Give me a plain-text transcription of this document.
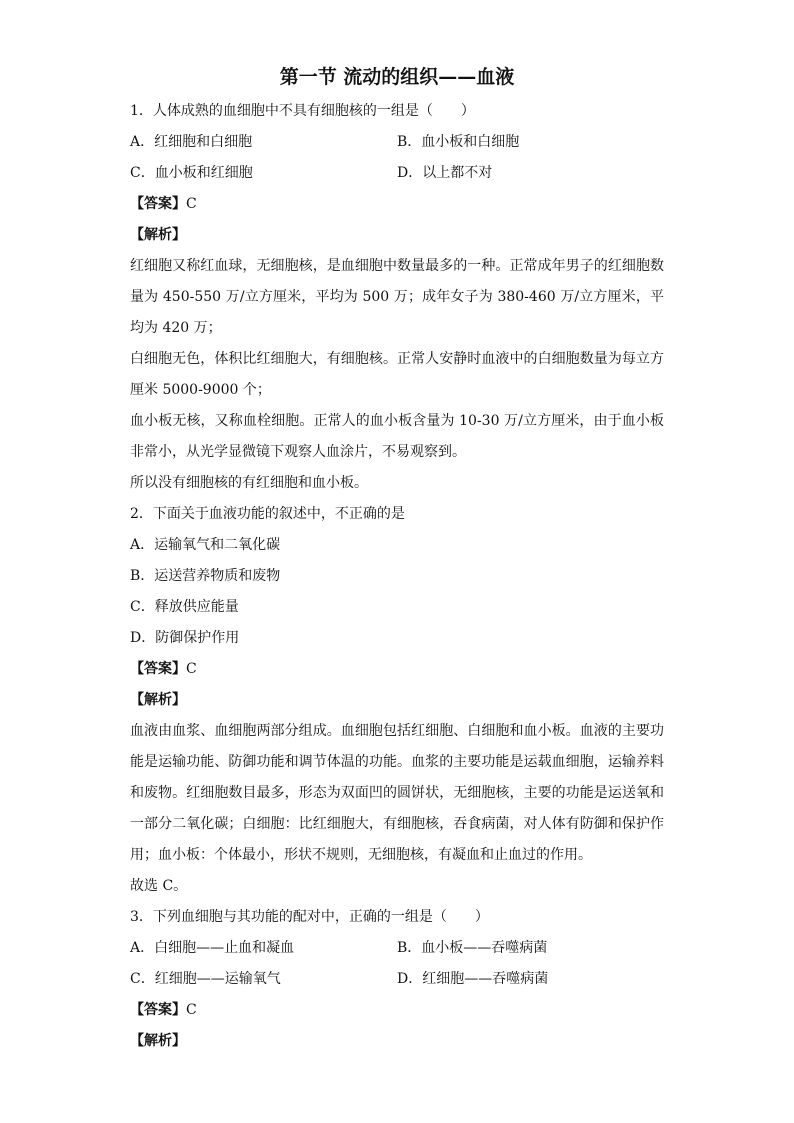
第一节 流动的组织——血液

1．人体成熟的血细胞中不具有细胞核的一组是（　　）

A．红细胞和白细胞	B．血小板和白细胞
C．血小板和红细胞	D．以上都不对

【答案】C

【解析】

红细胞又称红血球，无细胞核，是血细胞中数量最多的一种。正常成年男子的红细胞数量为 450-550 万/立方厘米，平均为 500 万；成年女子为 380-460 万/立方厘米，平均为 420 万；

白细胞无色，体积比红细胞大，有细胞核。正常人安静时血液中的白细胞数量为每立方厘米 5000-9000 个；

血小板无核，又称血栓细胞。正常人的血小板含量为 10-30 万/立方厘米，由于血小板非常小，从光学显微镜下观察人血涂片，不易观察到。

所以没有细胞核的有红细胞和血小板。

2．下面关于血液功能的叙述中，不正确的是

A．运输氧气和二氧化碳

B．运送营养物质和废物

C．释放供应能量

D．防御保护作用

【答案】C

【解析】

血液由血浆、血细胞两部分组成。血细胞包括红细胞、白细胞和血小板。血液的主要功能是运输功能、防御功能和调节体温的功能。血浆的主要功能是运载血细胞，运输养料和废物。红细胞数目最多，形态为双面凹的圆饼状，无细胞核，主要的功能是运送氧和一部分二氧化碳；白细胞：比红细胞大，有细胞核，吞食病菌，对人体有防御和保护作用；血小板：个体最小，形状不规则，无细胞核，有凝血和止血过的作用。

故选 C。

3．下列血细胞与其功能的配对中，正确的一组是（　　）

A．白细胞——止血和凝血	B．血小板——吞噬病菌
C．红细胞——运输氧气	D．红细胞——吞噬病菌

【答案】C

【解析】
